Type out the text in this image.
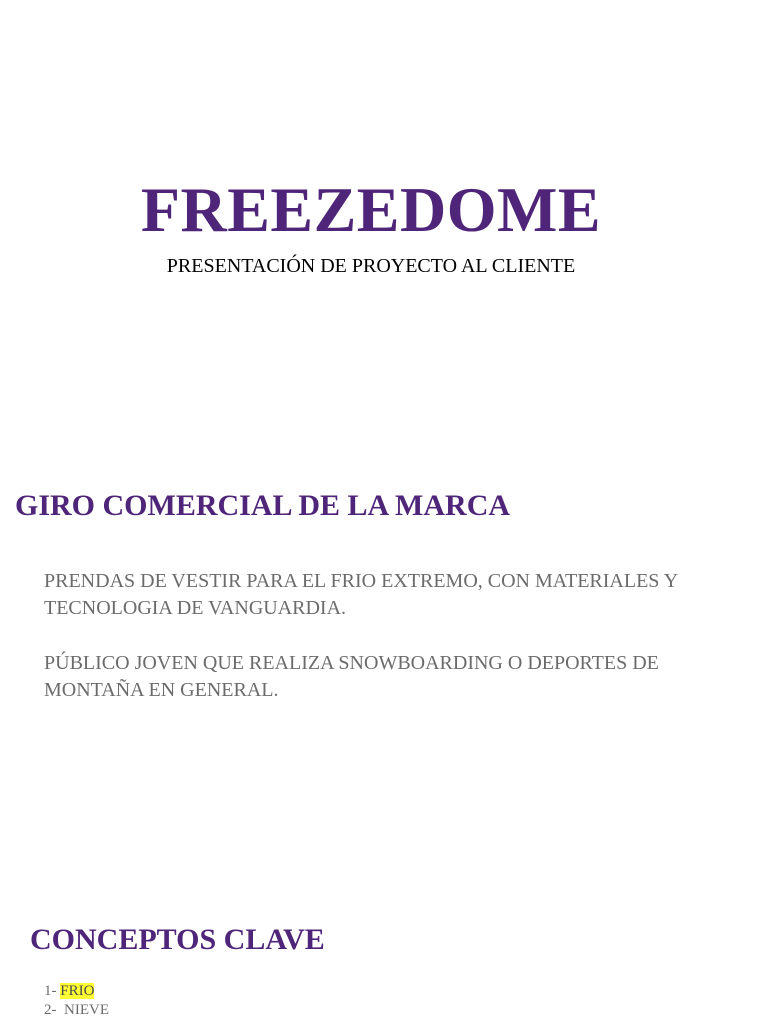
FREEZEDOME

PRESENTACIÓN DE PROYECTO AL CLIENTE

GIRO COMERCIAL DE LA MARCA

PRENDAS DE VESTIR PARA EL FRIO EXTREMO, CON MATERIALES Y TECNOLOGIA DE VANGUARDIA.

PÚBLICO JOVEN QUE REALIZA SNOWBOARDING O DEPORTES DE MONTAÑA EN GENERAL.

CONCEPTOS CLAVE
1- FRIO
2-  NIEVE
